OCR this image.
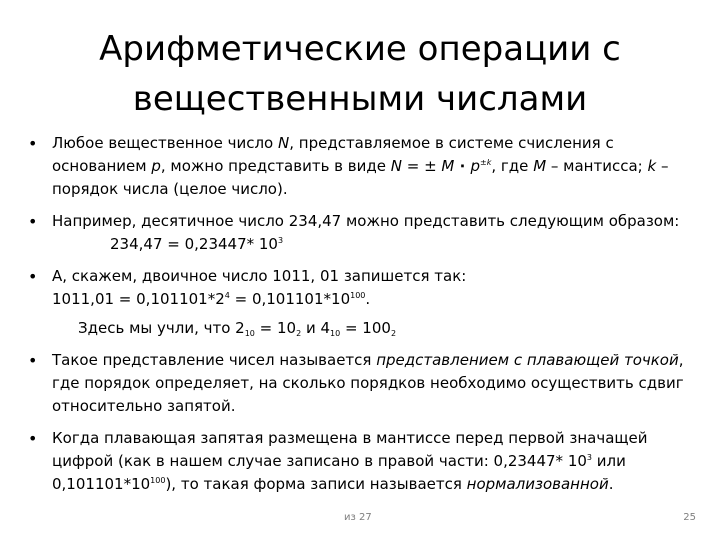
Арифметические операции с
вещественными числами
• Любое вещественное число N, представляемое в системе счисления с основанием p, можно представить в виде N = ± $M \cdot p^{\pm k}$, где M – мантисса; k – порядок числа (целое число).
• Например, десятичное число 234,47 можно представить следующим образом:234,47 = 0,23447* $10^3$
• А, скажем, двоичное число 1011, 01 запишется так:
$1011,01 = 0,101101*2^4 = 0,101101*10^{100}$.
Здесь мы учли, что $2_{10} = 10_2$ и $4_{10} = 100_2$
• Такое представление чисел называется представлением с плавающей точкой, где порядок определяет, на сколько порядков необходимо осуществить сдвиг относительно запятой.
• Когда плавающая запятая размещена в мантиссе перед первой значащей цифрой (как в нашем случае записано в правой части: 0,23447* $10^3$ или $0,101101*10^{100}$), то такая форма записи называется нормализованной.
из 27	25
